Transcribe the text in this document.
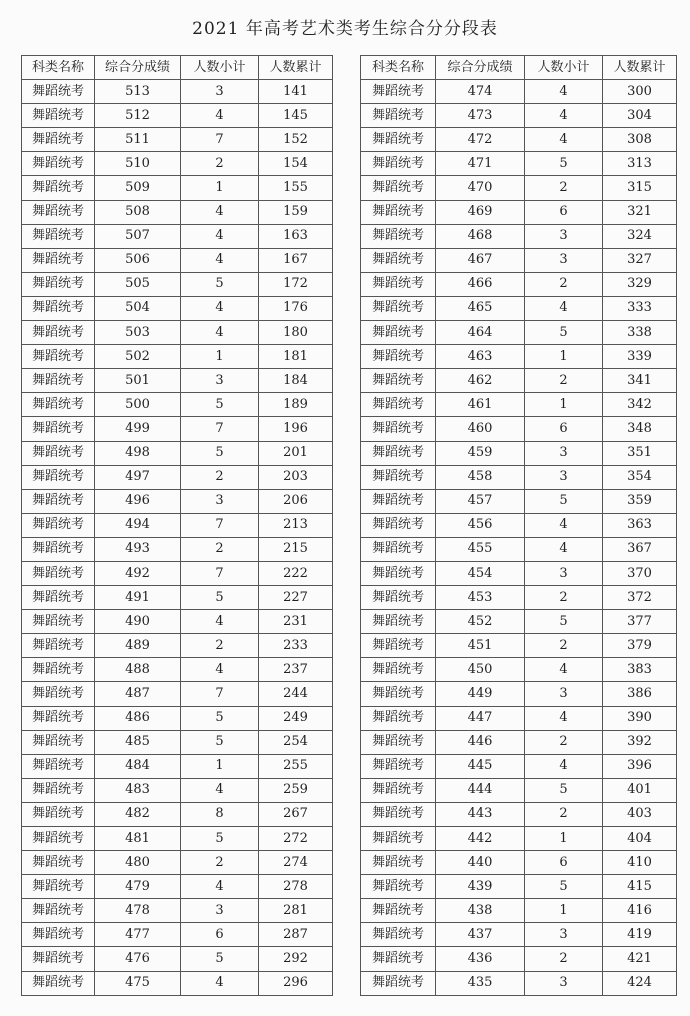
2021 年高考艺术类考生综合分分段表
科类名称	综合分成绩	人数小计	人数累计
舞蹈统考	513	3	141
舞蹈统考	512	4	145
舞蹈统考	511	7	152
舞蹈统考	510	2	154
舞蹈统考	509	1	155
舞蹈统考	508	4	159
舞蹈统考	507	4	163
舞蹈统考	506	4	167
舞蹈统考	505	5	172
舞蹈统考	504	4	176
舞蹈统考	503	4	180
舞蹈统考	502	1	181
舞蹈统考	501	3	184
舞蹈统考	500	5	189
舞蹈统考	499	7	196
舞蹈统考	498	5	201
舞蹈统考	497	2	203
舞蹈统考	496	3	206
舞蹈统考	494	7	213
舞蹈统考	493	2	215
舞蹈统考	492	7	222
舞蹈统考	491	5	227
舞蹈统考	490	4	231
舞蹈统考	489	2	233
舞蹈统考	488	4	237
舞蹈统考	487	7	244
舞蹈统考	486	5	249
舞蹈统考	485	5	254
舞蹈统考	484	1	255
舞蹈统考	483	4	259
舞蹈统考	482	8	267
舞蹈统考	481	5	272
舞蹈统考	480	2	274
舞蹈统考	479	4	278
舞蹈统考	478	3	281
舞蹈统考	477	6	287
舞蹈统考	476	5	292
舞蹈统考	475	4	296
科类名称	综合分成绩	人数小计	人数累计
舞蹈统考	474	4	300
舞蹈统考	473	4	304
舞蹈统考	472	4	308
舞蹈统考	471	5	313
舞蹈统考	470	2	315
舞蹈统考	469	6	321
舞蹈统考	468	3	324
舞蹈统考	467	3	327
舞蹈统考	466	2	329
舞蹈统考	465	4	333
舞蹈统考	464	5	338
舞蹈统考	463	1	339
舞蹈统考	462	2	341
舞蹈统考	461	1	342
舞蹈统考	460	6	348
舞蹈统考	459	3	351
舞蹈统考	458	3	354
舞蹈统考	457	5	359
舞蹈统考	456	4	363
舞蹈统考	455	4	367
舞蹈统考	454	3	370
舞蹈统考	453	2	372
舞蹈统考	452	5	377
舞蹈统考	451	2	379
舞蹈统考	450	4	383
舞蹈统考	449	3	386
舞蹈统考	447	4	390
舞蹈统考	446	2	392
舞蹈统考	445	4	396
舞蹈统考	444	5	401
舞蹈统考	443	2	403
舞蹈统考	442	1	404
舞蹈统考	440	6	410
舞蹈统考	439	5	415
舞蹈统考	438	1	416
舞蹈统考	437	3	419
舞蹈统考	436	2	421
舞蹈统考	435	3	424
